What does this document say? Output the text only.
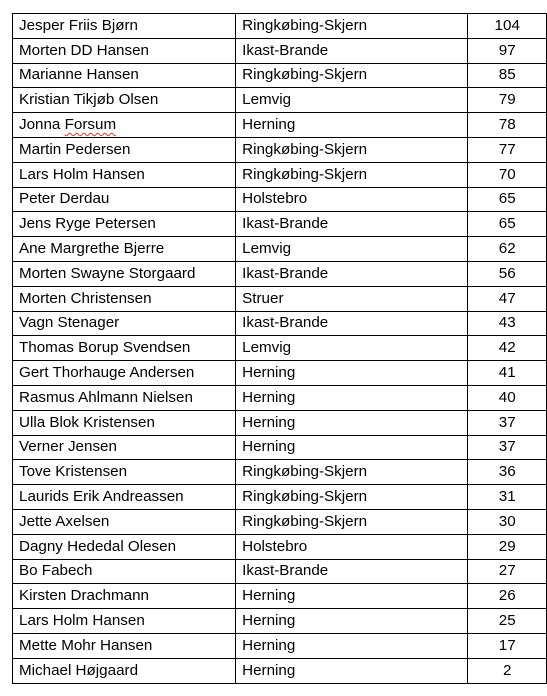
Jesper Friis Bjørn	Ringkøbing-Skjern	104
Morten DD Hansen	Ikast-Brande	97
Marianne Hansen	Ringkøbing-Skjern	85
Kristian Tikjøb Olsen	Lemvig	79
Jonna Forsum	Herning	78
Martin Pedersen	Ringkøbing-Skjern	77
Lars Holm Hansen	Ringkøbing-Skjern	70
Peter Derdau	Holstebro	65
Jens Ryge Petersen	Ikast-Brande	65
Ane Margrethe Bjerre	Lemvig	62
Morten Swayne Storgaard	Ikast-Brande	56
Morten Christensen	Struer	47
Vagn Stenager	Ikast-Brande	43
Thomas Borup Svendsen	Lemvig	42
Gert Thorhauge Andersen	Herning	41
Rasmus Ahlmann Nielsen	Herning	40
Ulla Blok Kristensen	Herning	37
Verner Jensen	Herning	37
Tove Kristensen	Ringkøbing-Skjern	36
Laurids Erik Andreassen	Ringkøbing-Skjern	31
Jette Axelsen	Ringkøbing-Skjern	30
Dagny Hededal Olesen	Holstebro	29
Bo Fabech	Ikast-Brande	27
Kirsten Drachmann	Herning	26
Lars Holm Hansen	Herning	25
Mette Mohr Hansen	Herning	17
Michael Højgaard	Herning	2
